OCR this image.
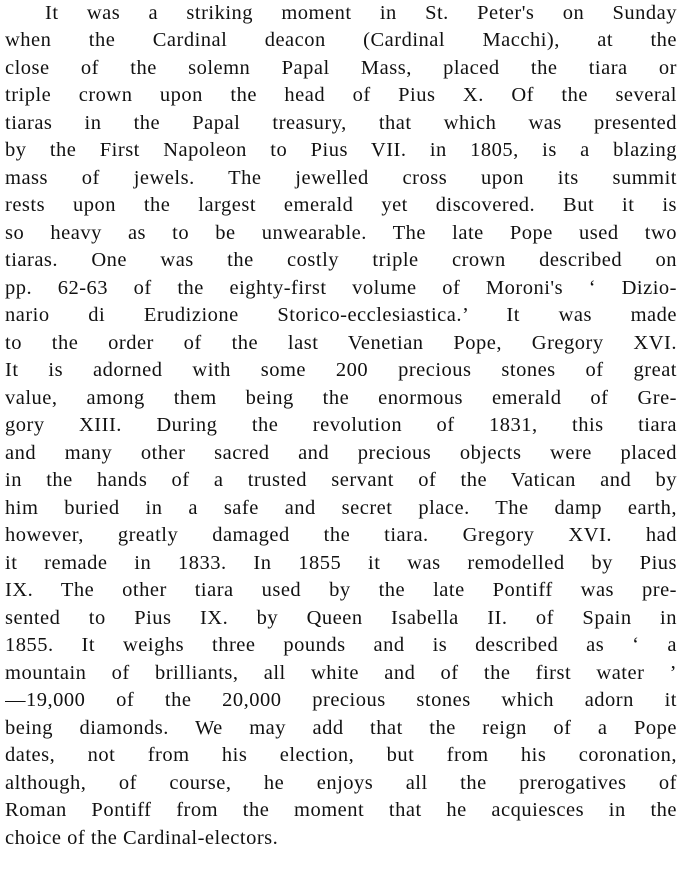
It was a striking moment in St. Peter's on Sunday
when the Cardinal deacon (Cardinal Macchi), at the
close of the solemn Papal Mass, placed the tiara or
triple crown upon the head of Pius X. Of the several
tiaras in the Papal treasury, that which was presented
by the First Napoleon to Pius VII. in 1805, is a blazing
mass of jewels. The jewelled cross upon its summit
rests upon the largest emerald yet discovered. But it is
so heavy as to be unwearable. The late Pope used two
tiaras. One was the costly triple crown described on
pp. 62-63 of the eighty-first volume of Moroni's ‘ Dizio-
nario di Erudizione Storico-ecclesiastica.’ It was made
to the order of the last Venetian Pope, Gregory XVI.
It is adorned with some 200 precious stones of great
value, among them being the enormous emerald of Gre-
gory XIII. During the revolution of 1831, this tiara
and many other sacred and precious objects were placed
in the hands of a trusted servant of the Vatican and by
him buried in a safe and secret place. The damp earth,
however, greatly damaged the tiara. Gregory XVI. had
it remade in 1833. In 1855 it was remodelled by Pius
IX. The other tiara used by the late Pontiff was pre-
sented to Pius IX. by Queen Isabella II. of Spain in
1855. It weighs three pounds and is described as ‘ a
mountain of brilliants, all white and of the first water ’
—19,000 of the 20,000 precious stones which adorn it
being diamonds. We may add that the reign of a Pope
dates, not from his election, but from his coronation,
although, of course, he enjoys all the prerogatives of
Roman Pontiff from the moment that he acquiesces in the
choice of the Cardinal-electors.
